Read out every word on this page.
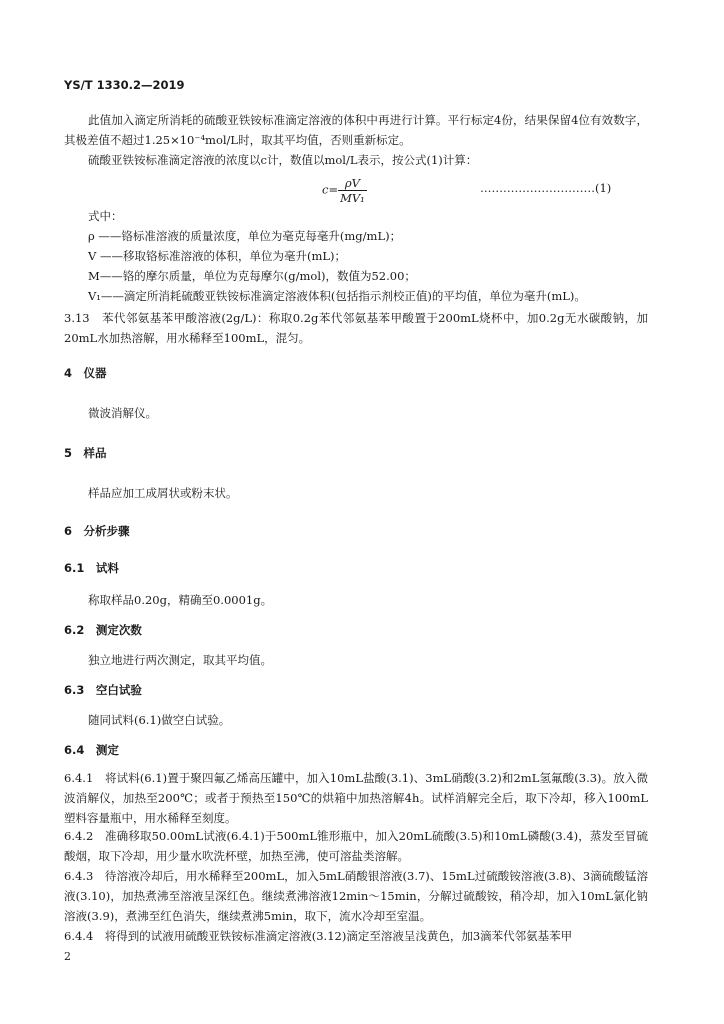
YS/T 1330.2—2019
此值加入滴定所消耗的硫酸亚铁铵标准滴定溶液的体积中再进行计算。平行标定4份，结果保留4位有效数字，其极差值不超过1.25×10⁻⁴mol/L时，取其平均值，否则重新标定。
硫酸亚铁铵标准滴定溶液的浓度以c计，数值以mol/L表示，按公式(1)计算：
$c= \frac{\rho V}{\text{MV₁}}$	…………………………(1)
式中：
ρ ——铬标准溶液的质量浓度，单位为毫克每毫升(mg/mL)；
V ——移取铬标准溶液的体积，单位为毫升(mL)；
M——铬的摩尔质量，单位为克每摩尔(g/mol)，数值为52.00；
V₁——滴定所消耗硫酸亚铁铵标准滴定溶液体积(包括指示剂校正值)的平均值，单位为毫升(mL)。
3.13　苯代邻氨基苯甲酸溶液(2g/L)：称取0.2g苯代邻氨基苯甲酸置于200mL烧杯中，加0.2g无水碳酸钠，加20mL水加热溶解，用水稀释至100mL，混匀。
4　仪器
微波消解仪。
5　样品
样品应加工成屑状或粉末状。
6　分析步骤
6.1　试料
称取样品0.20g，精确至0.0001g。
6.2　测定次数
独立地进行两次测定，取其平均值。
6.3　空白试验
随同试料(6.1)做空白试验。
6.4　测定
6.4.1　将试料(6.1)置于聚四氟乙烯高压罐中，加入10mL盐酸(3.1)、3mL硝酸(3.2)和2mL氢氟酸(3.3)。放入微波消解仪，加热至200℃；或者于预热至150℃的烘箱中加热溶解4h。试样消解完全后，取下冷却，移入100mL塑料容量瓶中，用水稀释至刻度。
6.4.2　准确移取50.00mL试液(6.4.1)于500mL锥形瓶中，加入20mL硫酸(3.5)和10mL磷酸(3.4)，蒸发至冒硫酸烟，取下冷却，用少量水吹洗杯壁，加热至沸，使可溶盐类溶解。
6.4.3　待溶液冷却后，用水稀释至200mL，加入5mL硝酸银溶液(3.7)、15mL过硫酸铵溶液(3.8)、3滴硫酸锰溶液(3.10)，加热煮沸至溶液呈深红色。继续煮沸溶液12min～15min，分解过硫酸铵，稍冷却，加入10mL氯化钠溶液(3.9)，煮沸至红色消失，继续煮沸5min，取下，流水冷却至室温。
6.4.4　将得到的试液用硫酸亚铁铵标准滴定溶液(3.12)滴定至溶液呈浅黄色，加3滴苯代邻氨基苯甲
2
